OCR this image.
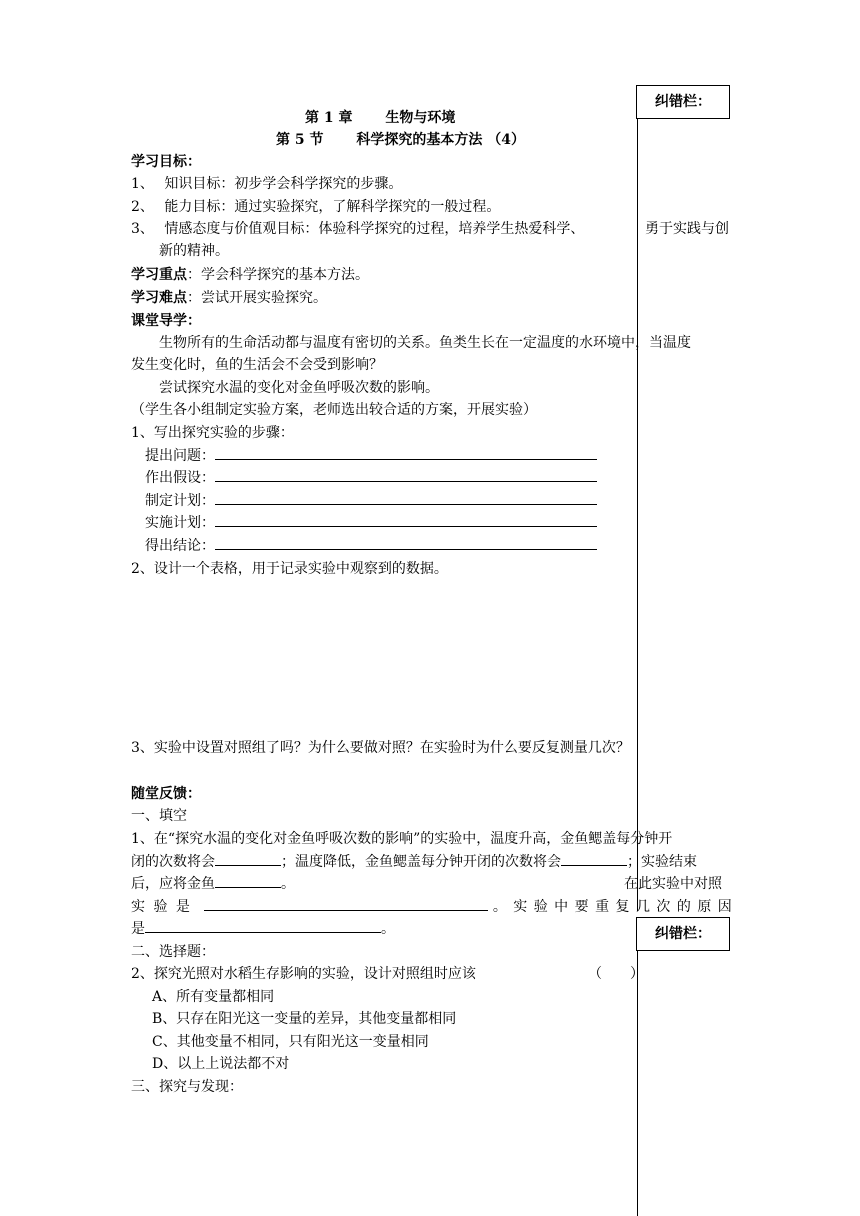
纠错栏：
纠错栏：
第 1 章 生物与环境
第 5 节 科学探究的基本方法 （4）
学习目标：
1、 知识目标：初步学会科学探究的步骤。
2、 能力目标：通过实验探究，了解科学探究的一般过程。
3、 情感态度与价值观目标：体验科学探究的过程，培养学生热爱科学、	勇于实践与创
新的精神。
学习重点：学会科学探究的基本方法。
学习难点：尝试开展实验探究。
课堂导学：
生物所有的生命活动都与温度有密切的关系。鱼类生长在一定温度的水环境中，当温度
发生变化时，鱼的生活会不会受到影响？
尝试探究水温的变化对金鱼呼吸次数的影响。
（学生各小组制定实验方案，老师选出较合适的方案，开展实验）
1、写出探究实验的步骤：
提出问题：
作出假设：
制定计划：
实施计划：
得出结论：
2、设计一个表格，用于记录实验中观察到的数据。
3、实验中设置对照组了吗？为什么要做对照？在实验时为什么要反复测量几次？
随堂反馈：
一、填空
1、在“探究水温的变化对金鱼呼吸次数的影响”的实验中，温度升高，金鱼鳃盖每分钟开
闭的次数将会	；温度降低，金鱼鳃盖每分钟开闭的次数将会	；实验结束
后，应将金鱼	。	在此实验中对照
实 验 是	。 实 验 中 要 重 复 几 次 的 原 因
是	。
二、选择题：
2、探究光照对水稻生存影响的实验，设计对照组时应该	（　　）
A、所有变量都相同
B、只存在阳光这一变量的差异，其他变量都相同
C、其他变量不相同，只有阳光这一变量相同
D、以上上说法都不对
三、探究与发现：
